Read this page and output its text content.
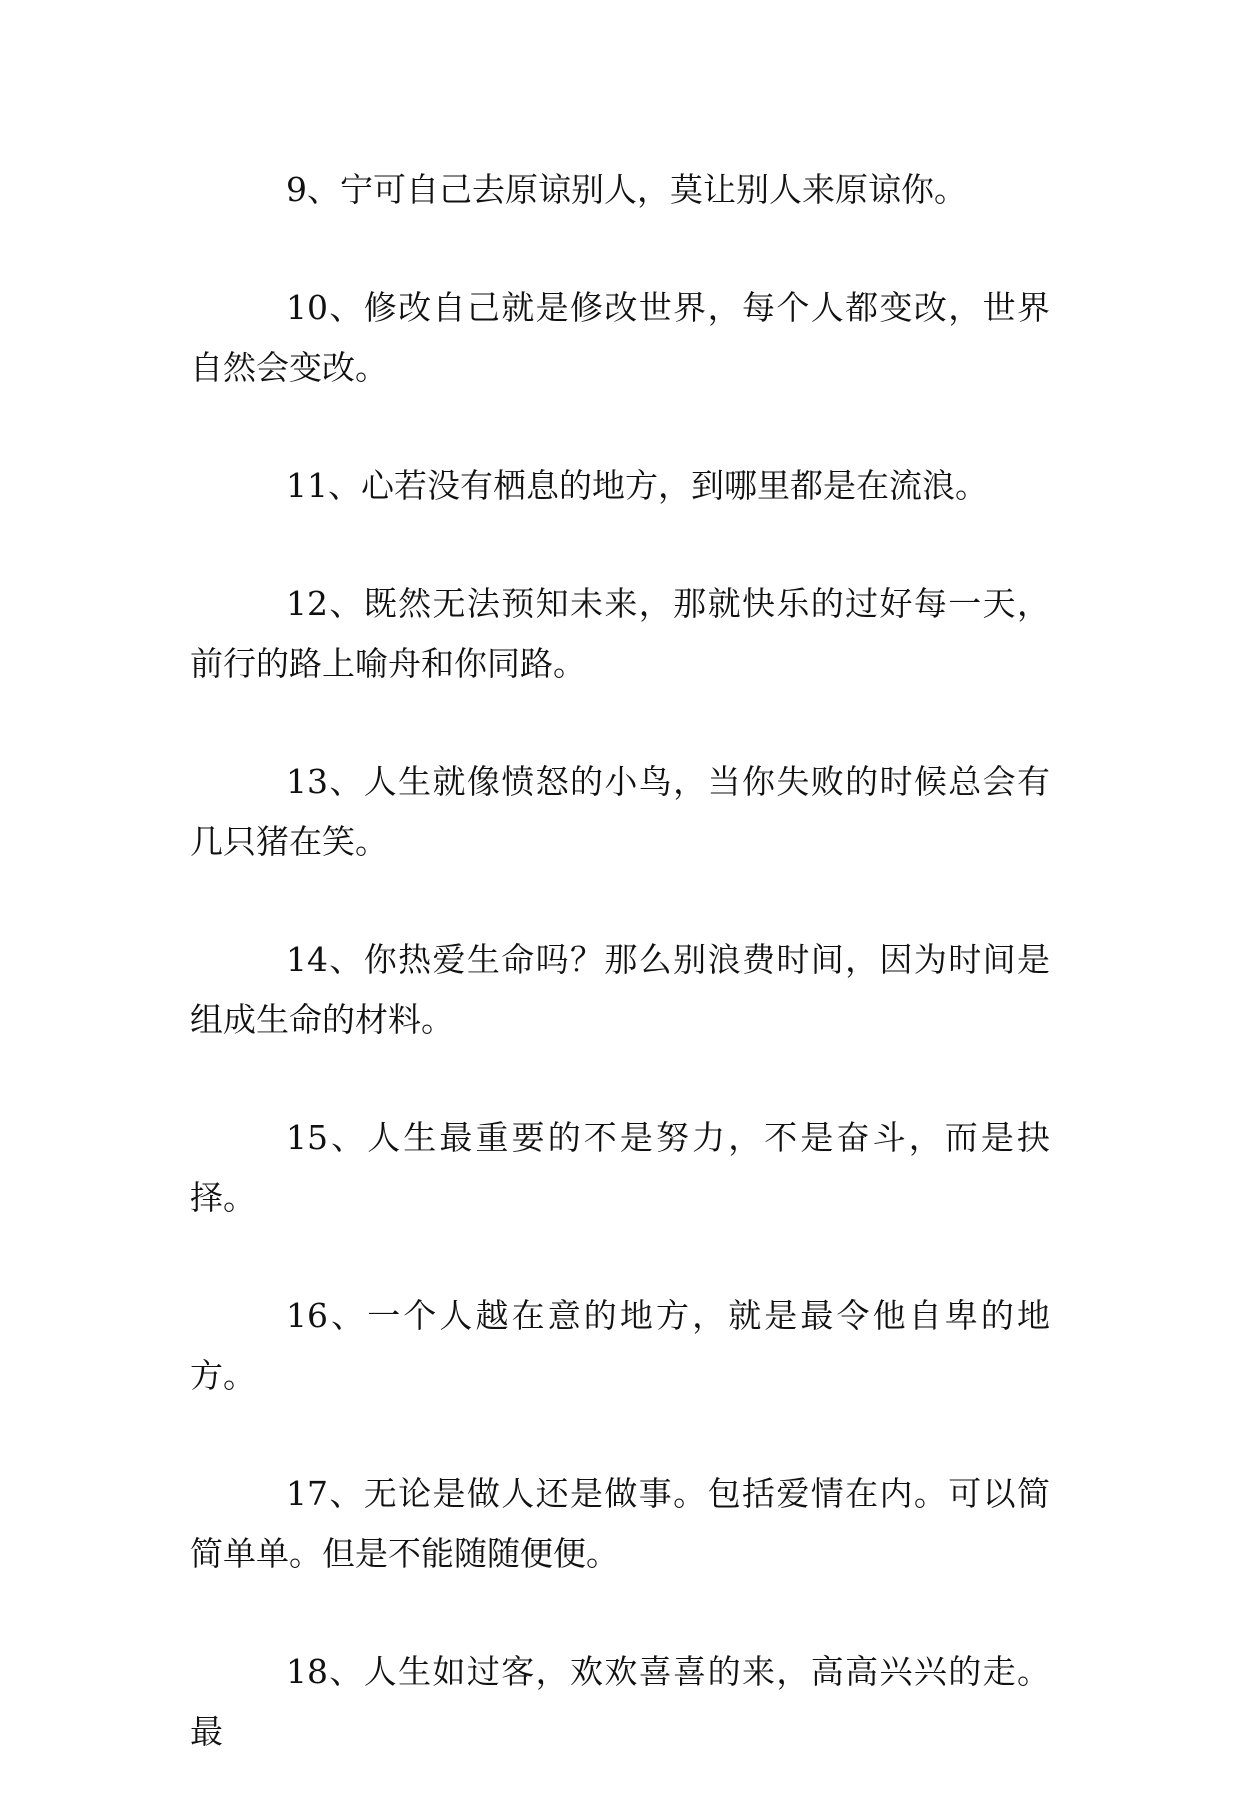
9、宁可自己去原谅别人，莫让别人来原谅你。

10、修改自己就是修改世界，每个人都变改，世界自然会变改。

11、心若没有栖息的地方，到哪里都是在流浪。

12、既然无法预知未来，那就快乐的过好每一天，前行的路上喻舟和你同路。

13、人生就像愤怒的小鸟，当你失败的时候总会有几只猪在笑。

14、你热爱生命吗？那么别浪费时间，因为时间是组成生命的材料。

15、人生最重要的不是努力，不是奋斗，而是抉择。

16、一个人越在意的地方，就是最令他自卑的地方。

17、无论是做人还是做事。包括爱情在内。可以简简单单。但是不能随随便便。

18、人生如过客，欢欢喜喜的来，高高兴兴的走。最
